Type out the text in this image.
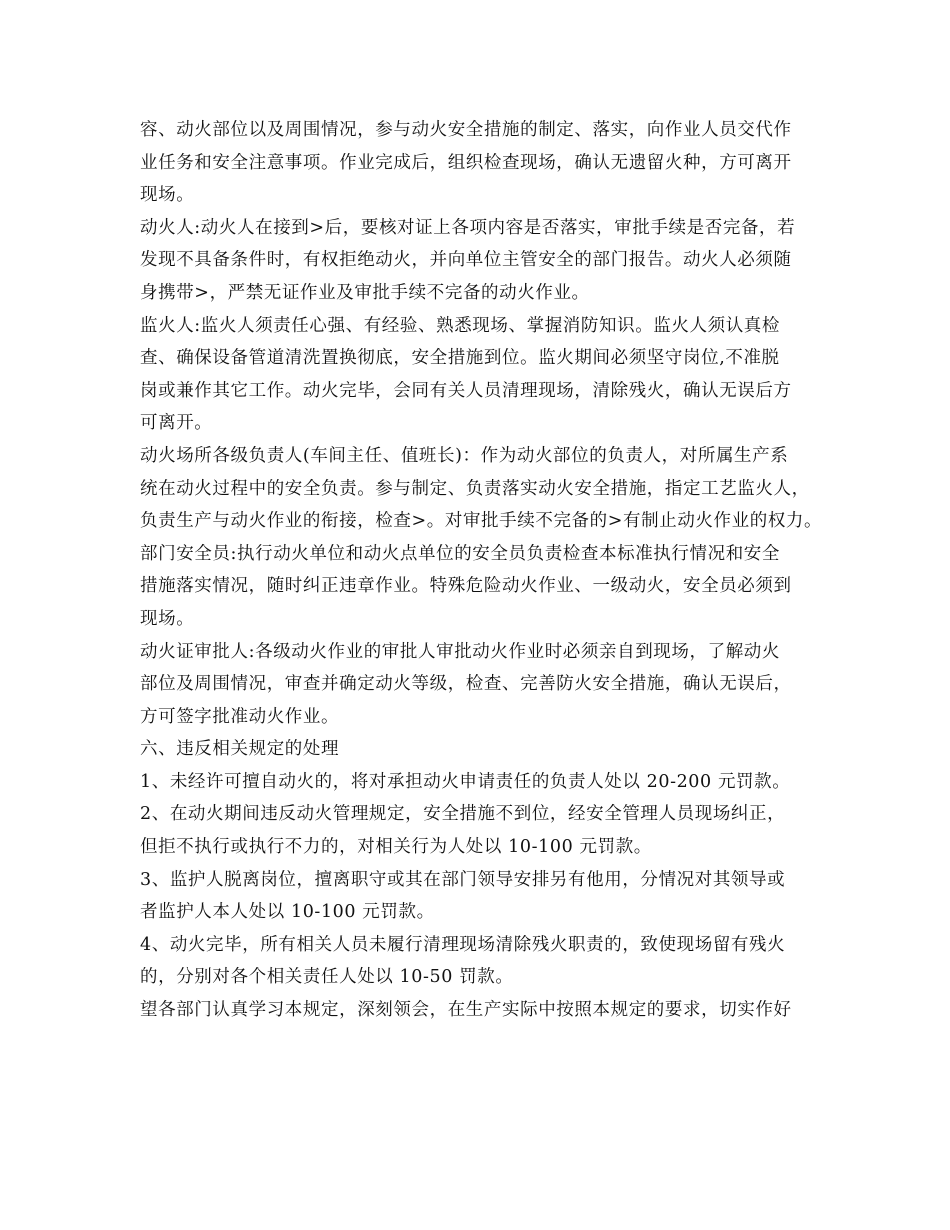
容、动火部位以及周围情况，参与动火安全措施的制定、落实，向作业人员交代作
业任务和安全注意事项。作业完成后，组织检查现场，确认无遗留火种，方可离开
现场。
动火人:动火人在接到>后，要核对证上各项内容是否落实，审批手续是否完备，若
发现不具备条件时，有权拒绝动火，并向单位主管安全的部门报告。动火人必须随
身携带>，严禁无证作业及审批手续不完备的动火作业。
监火人:监火人须责任心强、有经验、熟悉现场、掌握消防知识。监火人须认真检
查、确保设备管道清洗置换彻底，安全措施到位。监火期间必须坚守岗位,不准脱
岗或兼作其它工作。动火完毕，会同有关人员清理现场，清除残火，确认无误后方
可离开。
动火场所各级负责人(车间主任、值班长)：作为动火部位的负责人，对所属生产系
统在动火过程中的安全负责。参与制定、负责落实动火安全措施，指定工艺监火人，
负责生产与动火作业的衔接，检查>。对审批手续不完备的>有制止动火作业的权力。
部门安全员:执行动火单位和动火点单位的安全员负责检查本标准执行情况和安全
措施落实情况，随时纠正违章作业。特殊危险动火作业、一级动火，安全员必须到
现场。
动火证审批人:各级动火作业的审批人审批动火作业时必须亲自到现场，了解动火
部位及周围情况，审查并确定动火等级，检查、完善防火安全措施，确认无误后，
方可签字批准动火作业。
六、违反相关规定的处理
1、未经许可擅自动火的，将对承担动火申请责任的负责人处以 20-200 元罚款。
2、在动火期间违反动火管理规定，安全措施不到位，经安全管理人员现场纠正，
但拒不执行或执行不力的，对相关行为人处以 10-100 元罚款。
3、监护人脱离岗位，擅离职守或其在部门领导安排另有他用，分情况对其领导或
者监护人本人处以 10-100 元罚款。
4、动火完毕，所有相关人员未履行清理现场清除残火职责的，致使现场留有残火
的，分别对各个相关责任人处以 10-50 罚款。
望各部门认真学习本规定，深刻领会，在生产实际中按照本规定的要求，切实作好
